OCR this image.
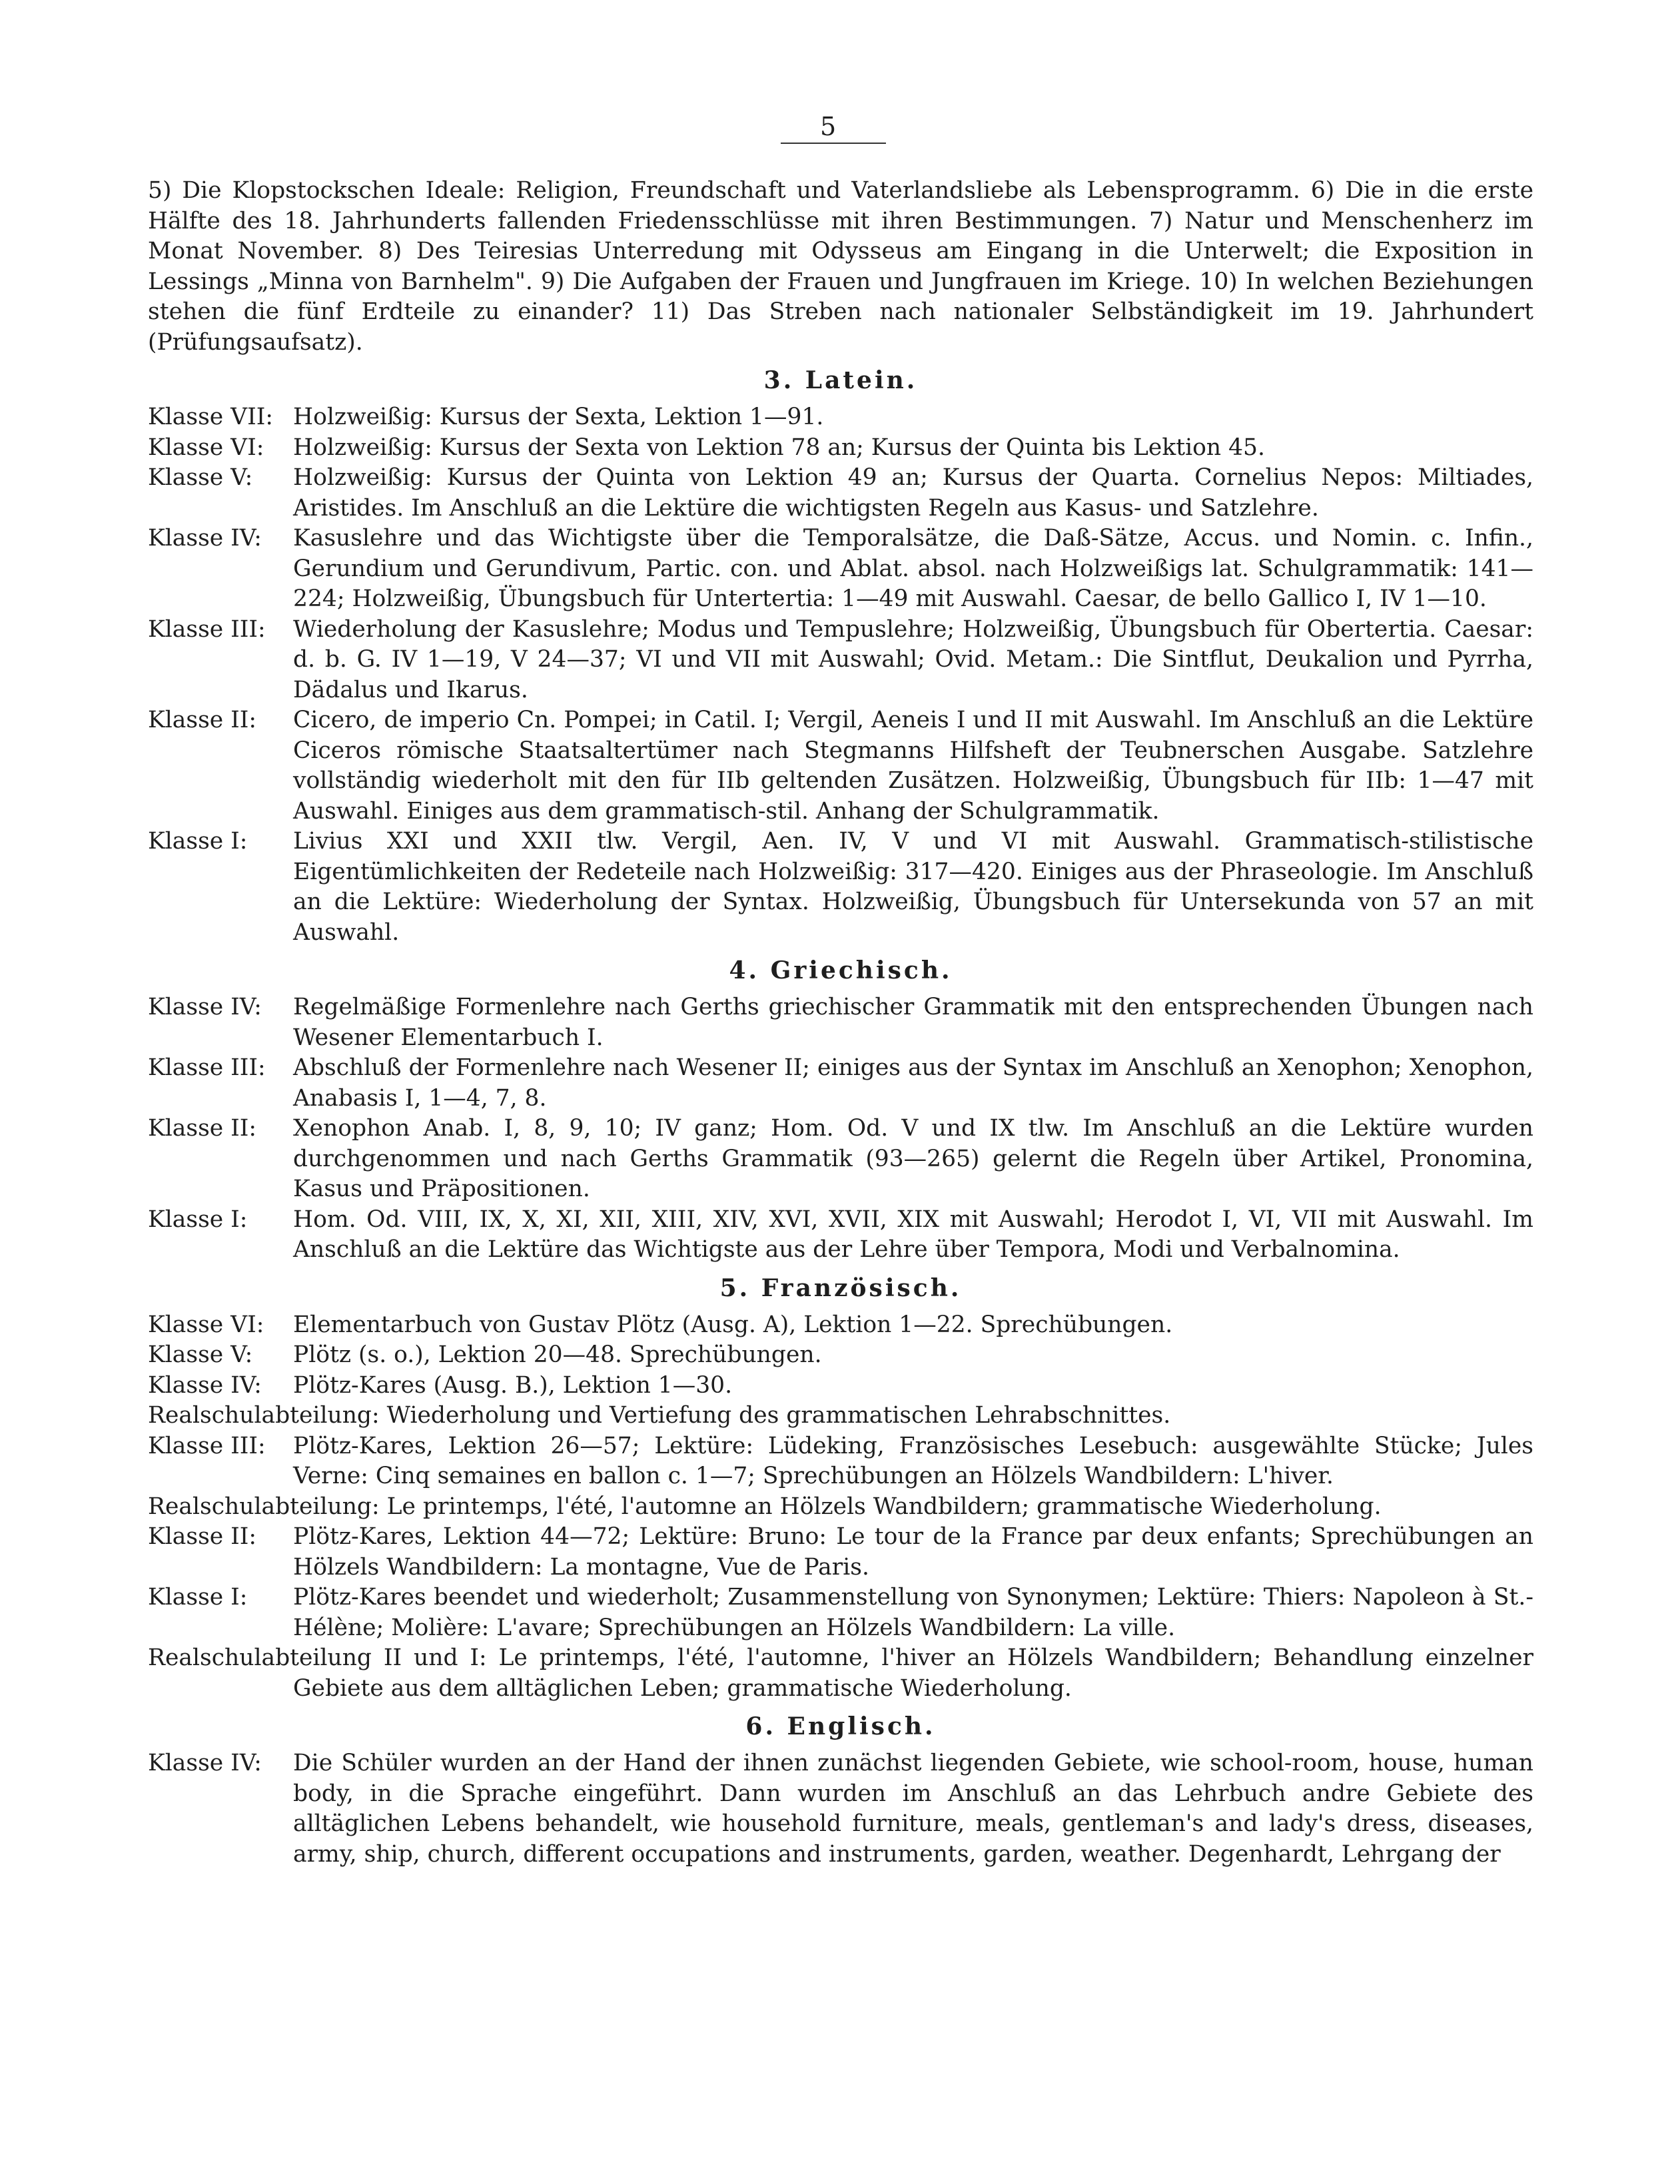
5

5) Die Klopstockschen Ideale: Religion, Freundschaft und Vaterlandsliebe als Lebensprogramm. 6) Die in die erste Hälfte des 18. Jahrhunderts fallenden Friedensschlüsse mit ihren Bestimmungen. 7) Natur und Menschenherz im Monat November. 8) Des Teiresias Unterredung mit Odysseus am Eingang in die Unterwelt; die Exposition in Lessings „Minna von Barnhelm". 9) Die Aufgaben der Frauen und Jungfrauen im Kriege. 10) In welchen Beziehungen stehen die fünf Erdteile zu einander? 11) Das Streben nach nationaler Selbständigkeit im 19. Jahrhundert (Prüfungsaufsatz).

3. Latein.
Klasse VII: Holzweißig: Kursus der Sexta, Lektion 1—91.
Klasse VI:	Holzweißig: Kursus der Sexta von Lektion 78 an; Kursus der Quinta bis Lektion 45.
Klasse V:	Holzweißig: Kursus der Quinta von Lektion 49 an; Kursus der Quarta. Cornelius Nepos: Miltiades, Aristides. Im Anschluß an die Lektüre die wichtigsten Regeln aus Kasus- und Satzlehre.
Klasse IV:	Kasuslehre und das Wichtigste über die Temporalsätze, die Daß-Sätze, Accus. und Nomin. c. Infin., Gerundium und Gerundivum, Partic. con. und Ablat. absol. nach Holzweißigs lat. Schulgrammatik: 141—224; Holzweißig, Übungsbuch für Untertertia: 1—49 mit Auswahl. Caesar, de bello Gallico I, IV 1—10.
Klasse III:	Wiederholung der Kasuslehre; Modus und Tempuslehre; Holzweißig, Übungsbuch für Obertertia. Caesar: d. b. G. IV 1—19, V 24—37; VI und VII mit Auswahl; Ovid. Metam.: Die Sintflut, Deukalion und Pyrrha, Dädalus und Ikarus.
Klasse II:	Cicero, de imperio Cn. Pompei; in Catil. I; Vergil, Aeneis I und II mit Auswahl. Im Anschluß an die Lektüre Ciceros römische Staatsaltertümer nach Stegmanns Hilfsheft der Teubnerschen Ausgabe. Satzlehre vollständig wiederholt mit den für IIb geltenden Zusätzen. Holzweißig, Übungsbuch für IIb: 1—47 mit Auswahl. Einiges aus dem grammatisch-stil. Anhang der Schulgrammatik.
Klasse I:	Livius XXI und XXII tlw. Vergil, Aen. IV, V und VI mit Auswahl. Grammatisch-stilistische Eigentümlichkeiten der Redeteile nach Holzweißig: 317—420. Einiges aus der Phraseologie. Im Anschluß an die Lektüre: Wiederholung der Syntax. Holzweißig, Übungsbuch für Untersekunda von 57 an mit Auswahl.
4. Griechisch.
Klasse IV:	Regelmäßige Formenlehre nach Gerths griechischer Grammatik mit den entsprechenden Übungen nach Wesener Elementarbuch I.
Klasse III:	Abschluß der Formenlehre nach Wesener II; einiges aus der Syntax im Anschluß an Xenophon; Xenophon, Anabasis I, 1—4, 7, 8.
Klasse II:	Xenophon Anab. I, 8, 9, 10; IV ganz; Hom. Od. V und IX tlw. Im Anschluß an die Lektüre wurden durchgenommen und nach Gerths Grammatik (93—265) gelernt die Regeln über Artikel, Pronomina, Kasus und Präpositionen.
Klasse I:	Hom. Od. VIII, IX, X, XI, XII, XIII, XIV, XVI, XVII, XIX mit Auswahl; Herodot I, VI, VII mit Auswahl. Im Anschluß an die Lektüre das Wichtigste aus der Lehre über Tempora, Modi und Verbalnomina.
5. Französisch.
Klasse VI:	Elementarbuch von Gustav Plötz (Ausg. A), Lektion 1—22. Sprechübungen.
Klasse V:	Plötz (s. o.), Lektion 20—48. Sprechübungen.
Klasse IV:	Plötz-Kares (Ausg. B.), Lektion 1—30.
Realschulabteilung: Wiederholung und Vertiefung des grammatischen Lehrabschnittes.
Klasse III:	Plötz-Kares, Lektion 26—57; Lektüre: Lüdeking, Französisches Lesebuch: ausgewählte Stücke; Jules Verne: Cinq semaines en ballon c. 1—7; Sprechübungen an Hölzels Wandbildern: L'hiver.
Realschulabteilung: Le printemps, l'été, l'automne an Hölzels Wandbildern; grammatische Wiederholung.
Klasse II:	Plötz-Kares, Lektion 44—72; Lektüre: Bruno: Le tour de la France par deux enfants; Sprechübungen an Hölzels Wandbildern: La montagne, Vue de Paris.
Klasse I:	Plötz-Kares beendet und wiederholt; Zusammenstellung von Synonymen; Lektüre: Thiers: Napoleon à St.-Hélène; Molière: L'avare; Sprechübungen an Hölzels Wandbildern: La ville.
Realschulabteilung II und I: Le printemps, l'été, l'automne, l'hiver an Hölzels Wandbildern; Behandlung einzelner Gebiete aus dem alltäglichen Leben; grammatische Wiederholung.
6. Englisch.
Klasse IV:	Die Schüler wurden an der Hand der ihnen zunächst liegenden Gebiete, wie school-room, house, human body, in die Sprache eingeführt. Dann wurden im Anschluß an das Lehrbuch andre Gebiete des alltäglichen Lebens behandelt, wie household furniture, meals, gentleman's and lady's dress, diseases, army, ship, church, different occupations and instruments, garden, weather. Degenhardt, Lehrgang der
